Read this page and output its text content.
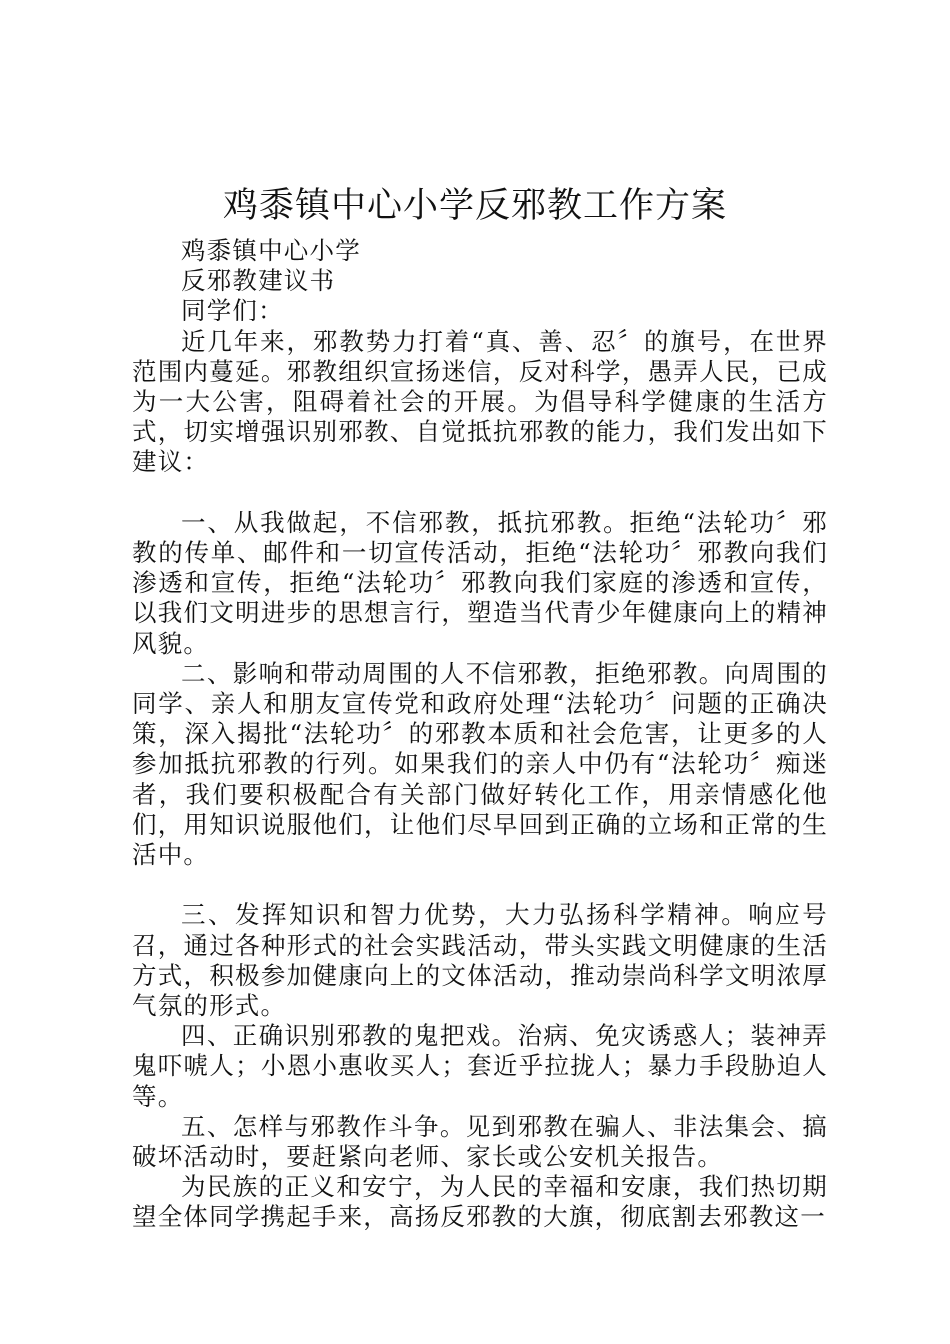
鸡黍镇中心小学反邪教工作方案

鸡黍镇中心小学

反邪教建议书

同学们：

近几年来，邪教势力打着“真、善、忍〞的旗号，在世界范围内蔓延。邪教组织宣扬迷信，反对科学，愚弄人民，已成为一大公害，阻碍着社会的开展。为倡导科学健康的生活方式，切实增强识别邪教、自觉抵抗邪教的能力，我们发出如下建议：

一、从我做起，不信邪教，抵抗邪教。拒绝“法轮功〞邪教的传单、邮件和一切宣传活动，拒绝“法轮功〞邪教向我们渗透和宣传，拒绝“法轮功〞邪教向我们家庭的渗透和宣传，以我们文明进步的思想言行，塑造当代青少年健康向上的精神风貌。

二、影响和带动周围的人不信邪教，拒绝邪教。向周围的同学、亲人和朋友宣传党和政府处理“法轮功〞问题的正确决策，深入揭批“法轮功〞的邪教本质和社会危害，让更多的人参加抵抗邪教的行列。如果我们的亲人中仍有“法轮功〞痴迷者，我们要积极配合有关部门做好转化工作，用亲情感化他们，用知识说服他们，让他们尽早回到正确的立场和正常的生活中。

三、发挥知识和智力优势，大力弘扬科学精神。响应号召，通过各种形式的社会实践活动，带头实践文明健康的生活方式，积极参加健康向上的文体活动，推动崇尚科学文明浓厚气氛的形式。

四、正确识别邪教的鬼把戏。治病、免灾诱惑人；装神弄鬼吓唬人；小恩小惠收买人；套近乎拉拢人；暴力手段胁迫人等。

五、怎样与邪教作斗争。见到邪教在骗人、非法集会、搞破坏活动时，要赶紧向老师、家长或公安机关报告。

为民族的正义和安宁，为人民的幸福和安康，我们热切期望全体同学携起手来，高扬反邪教的大旗，彻底割去邪教这一
